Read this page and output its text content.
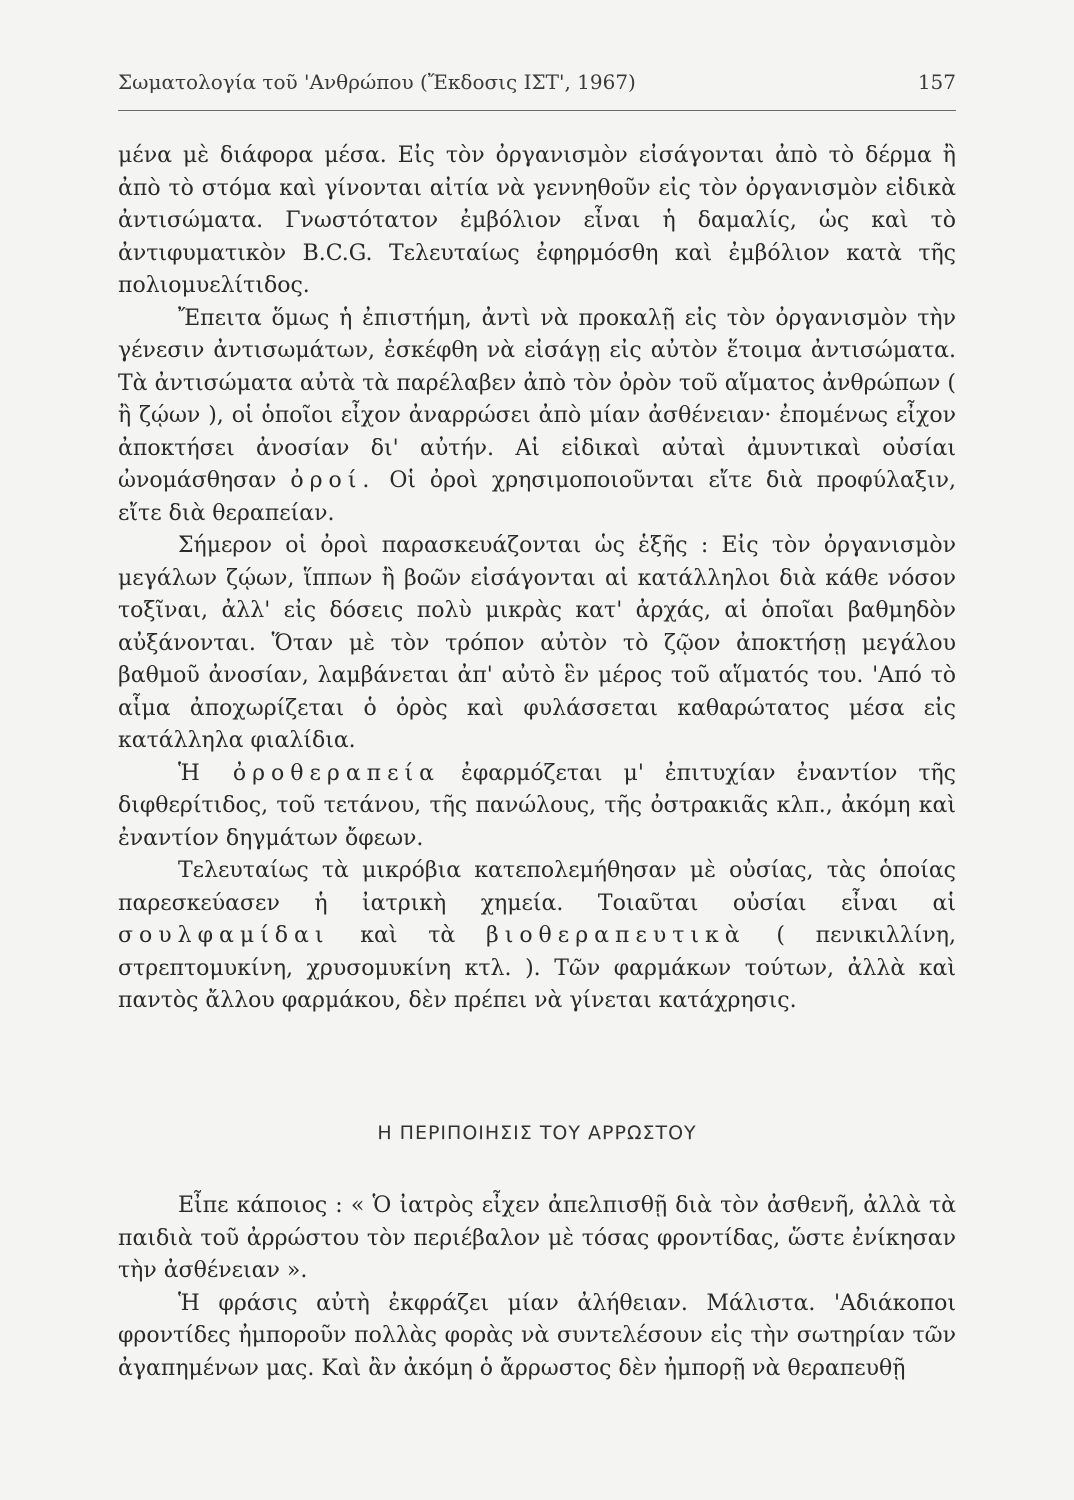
Σωματολογία τοῦ 'Ανθρώπου (Ἔκδοσις ΙΣΤ', 1967)	157

μένα μὲ διάφορα μέσα. Εἰς τὸν ὀργανισμὸν εἰσάγονται ἀπὸ τὸ δέρμα ἢ ἀπὸ τὸ στόμα καὶ γίνονται αἰτία νὰ γεννηθοῦν εἰς τὸν ὀργανισμὸν εἰδικὰ ἀντισώματα. Γνωστότατον ἐμβόλιον εἶναι ἡ δαμαλίς, ὡς καὶ τὸ ἀντιφυματικὸν B.C.G. Τελευταίως ἐφηρμόσθη καὶ ἐμβόλιον κατὰ τῆς πολιομυελίτιδος.

Ἔπειτα ὅμως ἡ ἐπιστήμη, ἀντὶ νὰ προκαλῇ εἰς τὸν ὀργανισμὸν τὴν γένεσιν ἀντισωμάτων, ἐσκέφθη νὰ εἰσάγῃ εἰς αὐτὸν ἕτοιμα ἀντισώματα. Τὰ ἀντισώματα αὐτὰ τὰ παρέλαβεν ἀπὸ τὸν ὀρὸν τοῦ αἵματος ἀνθρώπων ( ἢ ζῴων ), οἱ ὁποῖοι εἶχον ἀναρρώσει ἀπὸ μίαν ἀσθένειαν· ἐπομένως εἶχον ἀποκτήσει ἀνοσίαν δι' αὐτήν. Αἱ εἰδικαὶ αὐταὶ ἀμυντικαὶ οὐσίαι ὠνομάσθησαν ὀροί. Οἱ ὀροὶ χρησιμοποιοῦνται εἴτε διὰ προφύλαξιν, εἴτε διὰ θεραπείαν.

Σήμερον οἱ ὀροὶ παρασκευάζονται ὡς ἑξῆς : Εἰς τὸν ὀργανισμὸν μεγάλων ζῴων, ἵππων ἢ βοῶν εἰσάγονται αἱ κατάλληλοι διὰ κάθε νόσον τοξῖναι, ἀλλ' εἰς δόσεις πολὺ μικρὰς κατ' ἀρχάς, αἱ ὁποῖαι βαθμηδὸν αὐξάνονται. Ὅταν μὲ τὸν τρόπον αὐτὸν τὸ ζῷον ἀποκτήσῃ μεγάλου βαθμοῦ ἀνοσίαν, λαμβάνεται ἀπ' αὐτὸ ἓν μέρος τοῦ αἵματός του. 'Από τὸ αἷμα ἀποχωρίζεται ὁ ὀρὸς καὶ φυλάσσεται καθαρώτατος μέσα εἰς κατάλληλα φιαλίδια.

Ἡ ὀροθεραπεία ἐφαρμόζεται μ' ἐπιτυχίαν ἐναντίον τῆς διφθερίτιδος, τοῦ τετάνου, τῆς πανώλους, τῆς ὀστρακιᾶς κλπ., ἀκόμη καὶ ἐναντίον δηγμάτων ὄφεων.

Τελευταίως τὰ μικρόβια κατεπολεμήθησαν μὲ οὐσίας, τὰς ὁποίας παρεσκεύασεν ἡ ἰατρικὴ χημεία. Τοιαῦται οὐσίαι εἶναι αἱ σουλφαμίδαι καὶ τὰ βιοθεραπευτικὰ ( πενικιλλίνη, στρεπτομυκίνη, χρυσομυκίνη κτλ. ). Τῶν φαρμάκων τούτων, ἀλλὰ καὶ παντὸς ἄλλου φαρμάκου, δὲν πρέπει νὰ γίνεται κατάχρησις.

Η ΠΕΡΙΠΟΙΗΣΙΣ ΤΟΥ ΑΡΡΩΣΤΟΥ

Εἶπε κάποιος : « Ὁ ἰατρὸς εἶχεν ἀπελπισθῇ διὰ τὸν ἀσθενῆ, ἀλλὰ τὰ παιδιὰ τοῦ ἀρρώστου τὸν περιέβαλον μὲ τόσας φροντίδας, ὥστε ἐνίκησαν τὴν ἀσθένειαν ».

Ἡ φράσις αὐτὴ ἐκφράζει μίαν ἀλήθειαν. Μάλιστα. 'Αδιάκοποι φροντίδες ἠμποροῦν πολλὰς φορὰς νὰ συντελέσουν εἰς τὴν σωτηρίαν τῶν ἀγαπημένων μας. Καὶ ἂν ἀκόμη ὁ ἄρρωστος δὲν ἠμπορῇ νὰ θεραπευθῇ
